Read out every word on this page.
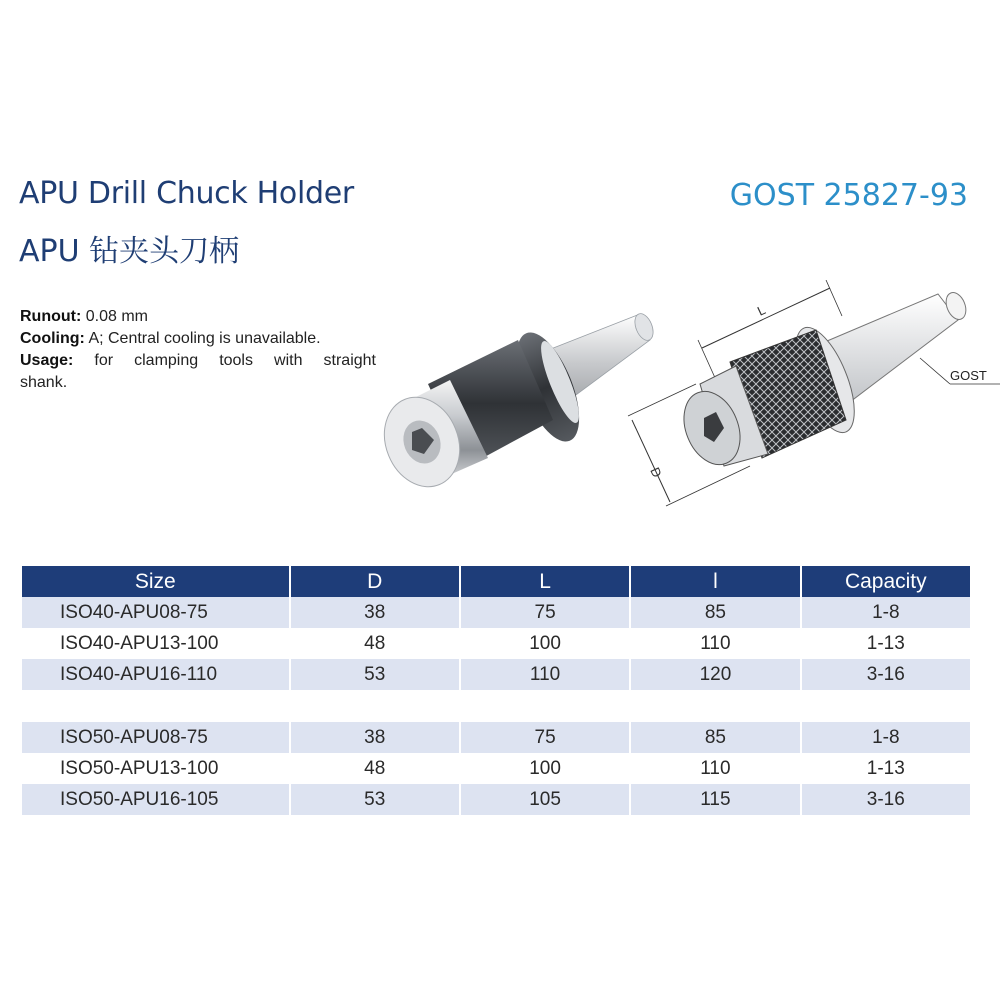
APU Drill Chuck Holder
APU 钻夹头刀柄
GOST 25827-93
Runout: 0.08 mm
Cooling: A; Central cooling is unavailable.
Usage: for clamping tools with straight
shank.
L
D
GOST
Size	D	L	l	Capacity
ISO40-APU08-75	38	75	85	1-8
ISO40-APU13-100	48	100	110	1-13
ISO40-APU16-110	53	110	120	3-16

ISO50-APU08-75	38	75	85	1-8
ISO50-APU13-100	48	100	110	1-13
ISO50-APU16-105	53	105	115	3-16
